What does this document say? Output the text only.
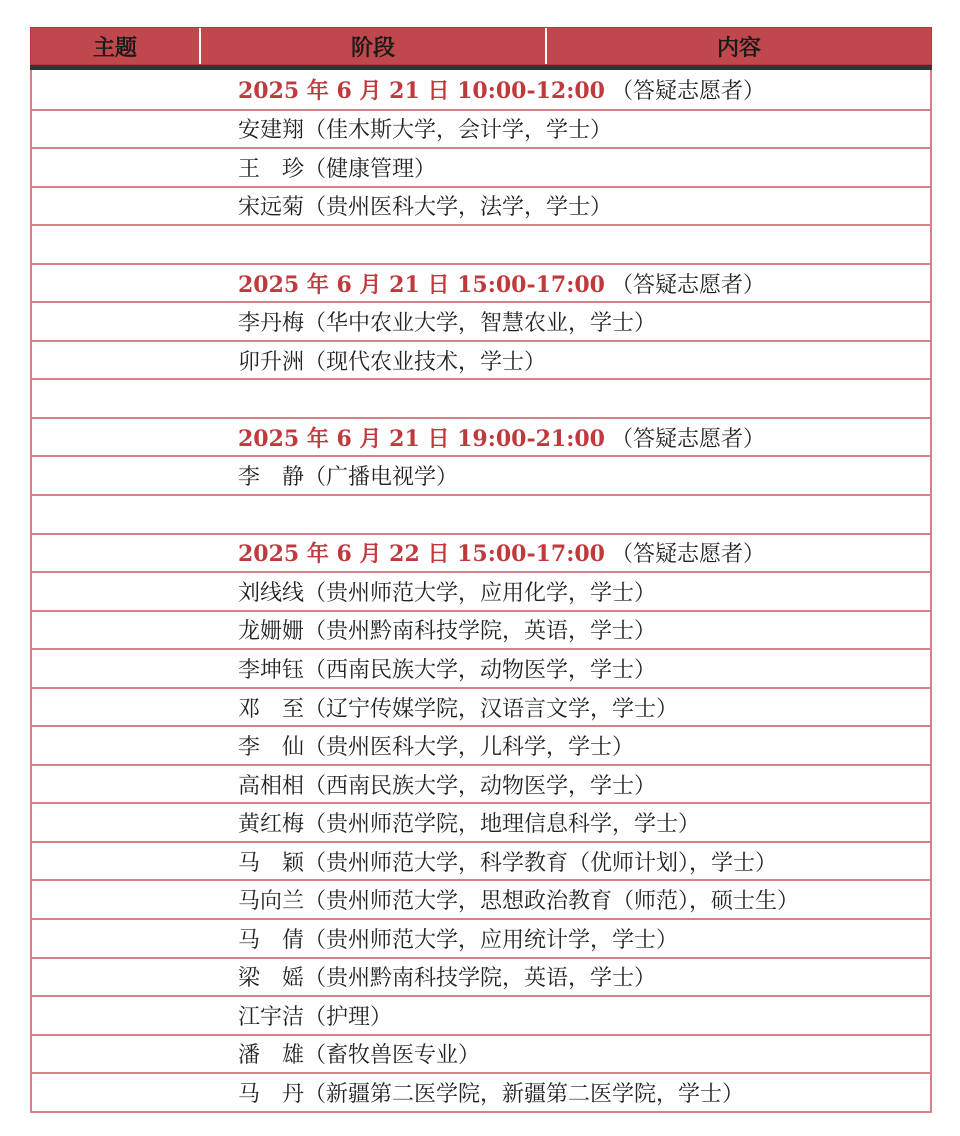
主题	阶段	内容
2025 年 6 月 21 日 10:00-12:00 （答疑志愿者）
安建翔（佳木斯大学，会计学，学士）
王　珍（健康管理）
宋远菊（贵州医科大学，法学，学士）
2025 年 6 月 21 日 15:00-17:00 （答疑志愿者）
李丹梅（华中农业大学，智慧农业，学士）
卯升洲（现代农业技术，学士）
2025 年 6 月 21 日 19:00-21:00 （答疑志愿者）
李　静（广播电视学）
2025 年 6 月 22 日 15:00-17:00 （答疑志愿者）
刘线线（贵州师范大学，应用化学，学士）
龙姗姗（贵州黔南科技学院，英语，学士）
李坤钰（西南民族大学，动物医学，学士）
邓　至（辽宁传媒学院，汉语言文学，学士）
李　仙（贵州医科大学，儿科学，学士）
高相相（西南民族大学，动物医学，学士）
黄红梅（贵州师范学院，地理信息科学，学士）
马　颖（贵州师范大学，科学教育（优师计划），学士）
马向兰（贵州师范大学，思想政治教育（师范），硕士生）
马　倩（贵州师范大学，应用统计学，学士）
梁　媱（贵州黔南科技学院，英语，学士）
江宇洁（护理）
潘　雄（畜牧兽医专业）
马　丹（新疆第二医学院，新疆第二医学院，学士）
